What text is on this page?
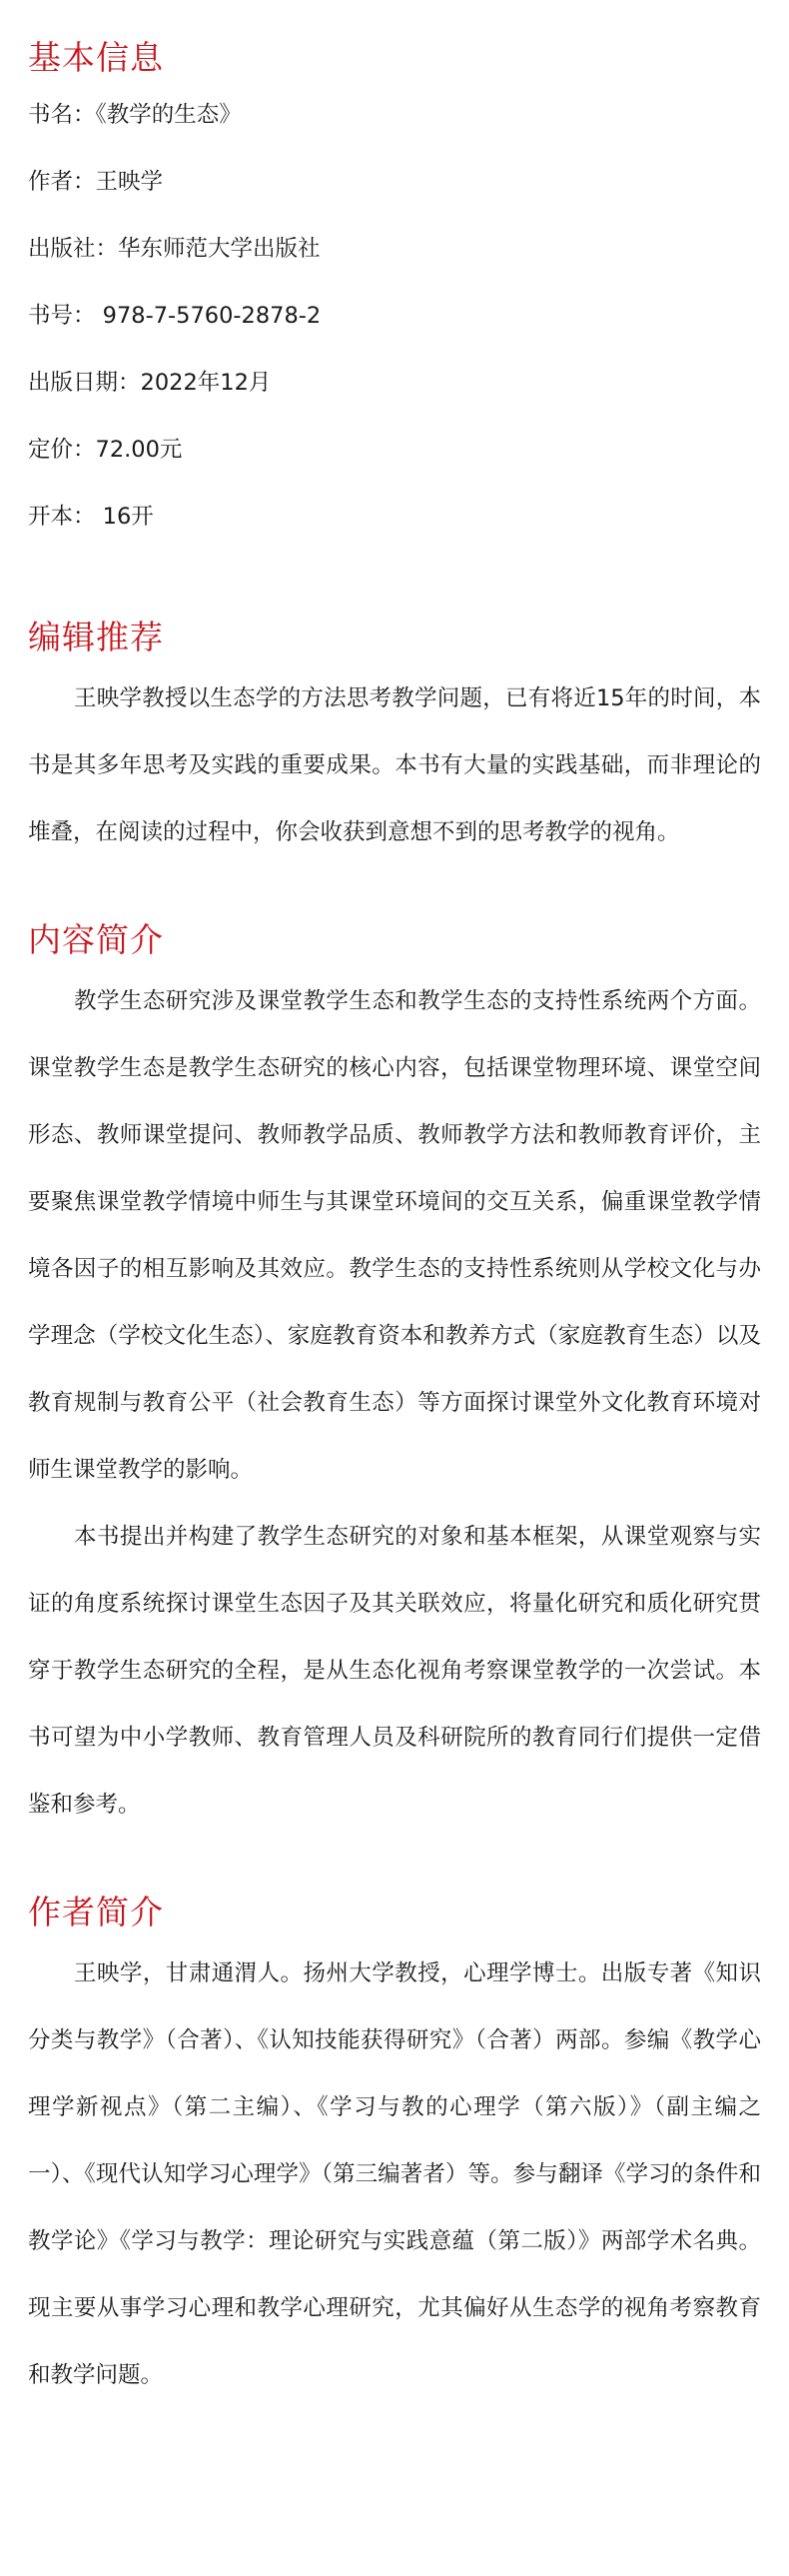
基本信息

书名：《教学的生态》

作者：王映学

出版社：华东师范大学出版社

书号： 978-7-5760-2878-2

出版日期：2022年12月

定价：72.00元

开本： 16开

编辑推荐

王映学教授以生态学的方法思考教学问题，已有将近15年的时间，本书是其多年思考及实践的重要成果。本书有大量的实践基础，而非理论的堆叠，在阅读的过程中，你会收获到意想不到的思考教学的视角。

内容简介

教学生态研究涉及课堂教学生态和教学生态的支持性系统两个方面。课堂教学生态是教学生态研究的核心内容，包括课堂物理环境、课堂空间形态、教师课堂提问、教师教学品质、教师教学方法和教师教育评价，主要聚焦课堂教学情境中师生与其课堂环境间的交互关系，偏重课堂教学情境各因子的相互影响及其效应。教学生态的支持性系统则从学校文化与办学理念（学校文化生态）、家庭教育资本和教养方式（家庭教育生态）以及教育规制与教育公平（社会教育生态）等方面探讨课堂外文化教育环境对师生课堂教学的影响。

本书提出并构建了教学生态研究的对象和基本框架，从课堂观察与实证的角度系统探讨课堂生态因子及其关联效应，将量化研究和质化研究贯穿于教学生态研究的全程，是从生态化视角考察课堂教学的一次尝试。本书可望为中小学教师、教育管理人员及科研院所的教育同行们提供一定借鉴和参考。

作者简介

王映学，甘肃通渭人。扬州大学教授，心理学博士。出版专著《知识分类与教学》（合著）、《认知技能获得研究》（合著）两部。参编《教学心理学新视点》（第二主编）、《学习与教的心理学（第六版）》（副主编之一）、《现代认知学习心理学》（第三编著者）等。参与翻译《学习的条件和教学论》《学习与教学：理论研究与实践意蕴（第二版）》两部学术名典。现主要从事学习心理和教学心理研究，尤其偏好从生态学的视角考察教育和教学问题。
